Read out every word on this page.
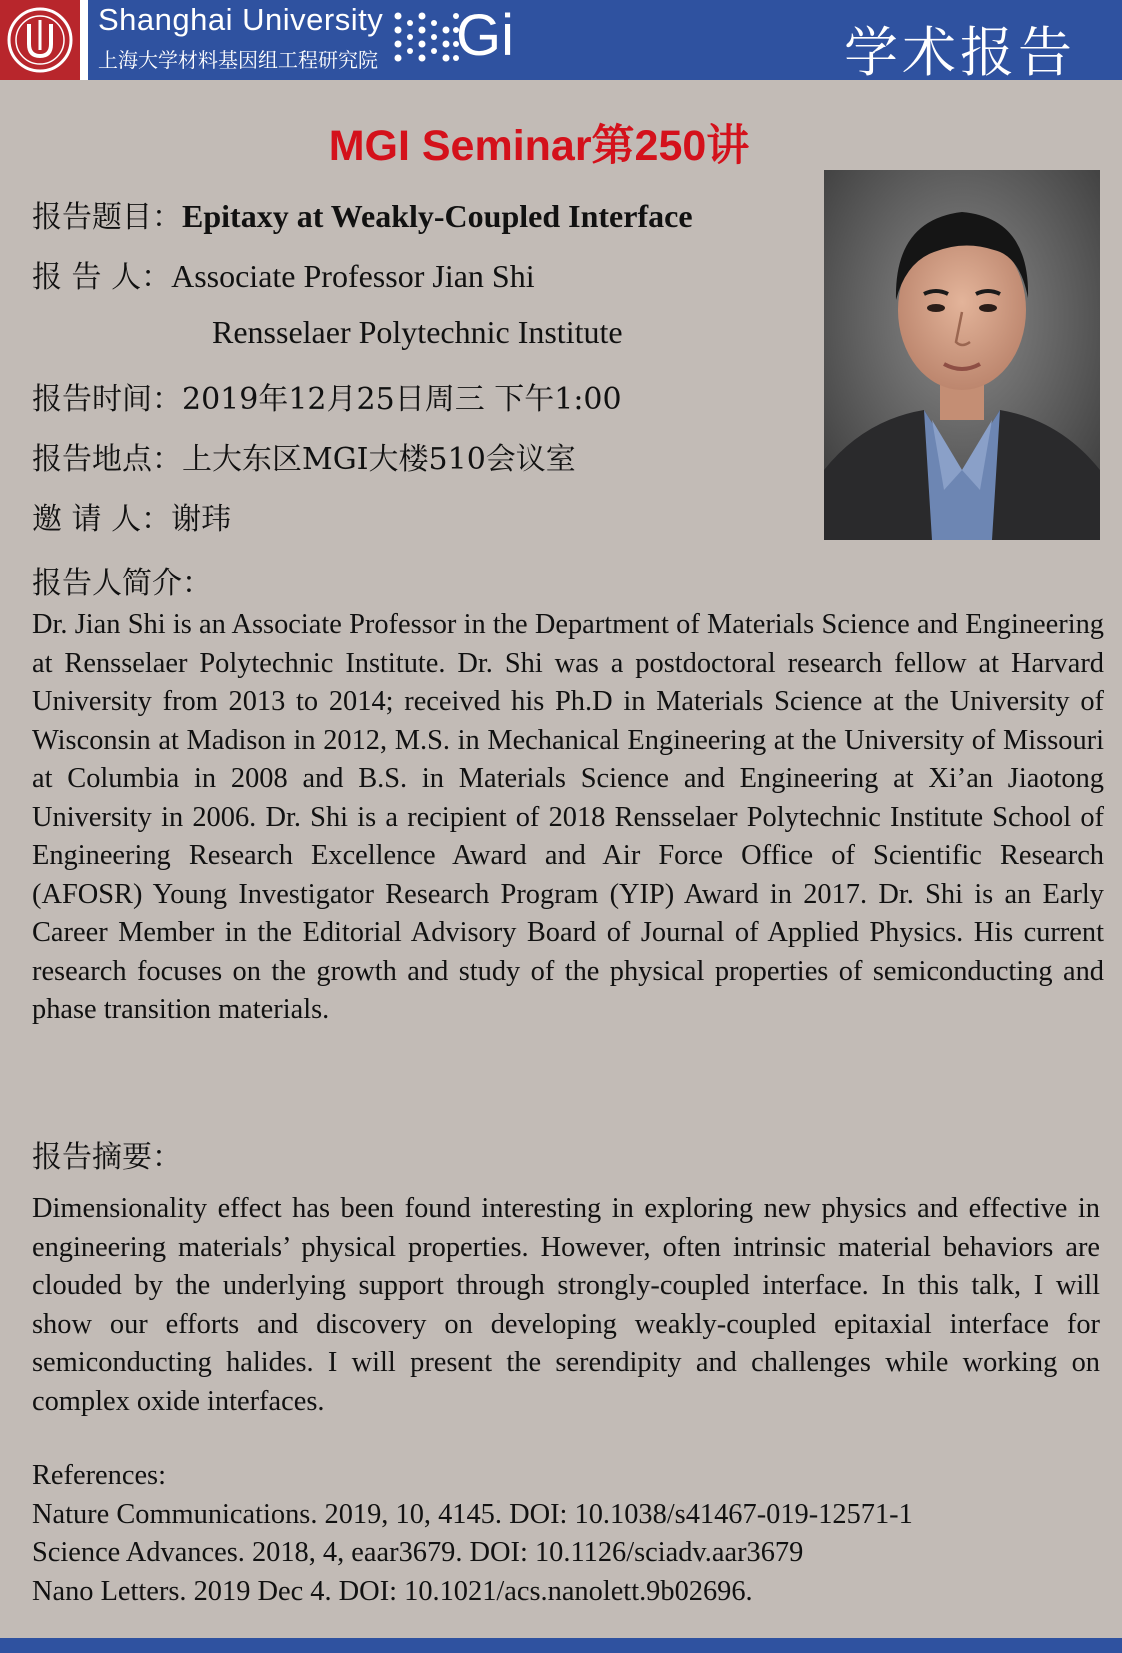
Shanghai University
上海大学材料基因组工程研究院 Gi	学术报告
MGI Seminar第250讲
报告题目：Epitaxy at Weakly-Coupled Interface
报 告 人：Associate Professor Jian Shi
Rensselaer Polytechnic Institute
报告时间：2019年12月25日周三 下午1:00
报告地点：上大东区MGI大楼510会议室
邀 请 人：谢玮
报告人简介：

Dr. Jian Shi is an Associate Professor in the Department of Materials Science and Engineering at Rensselaer Polytechnic Institute. Dr. Shi was a postdoctoral research fellow at Harvard University from 2013 to 2014; received his Ph.D in Materials Science at the University of Wisconsin at Madison in 2012, M.S. in Mechanical Engineering at the University of Missouri at Columbia in 2008 and B.S. in Materials Science and Engineering at Xi’an Jiaotong University in 2006. Dr. Shi is a recipient of 2018 Rensselaer Polytechnic Institute School of Engineering Research Excellence Award and Air Force Office of Scientific Research (AFOSR) Young Investigator Research Program (YIP) Award in 2017. Dr. Shi is an Early Career Member in the Editorial Advisory Board of Journal of Applied Physics. His current research focuses on the growth and study of the physical properties of semiconducting and phase transition materials.

报告摘要：

Dimensionality effect has been found interesting in exploring new physics and effective in engineering materials’ physical properties. However, often intrinsic material behaviors are clouded by the underlying support through strongly-coupled interface. In this talk, I will show our efforts and discovery on developing weakly-coupled epitaxial interface for semiconducting halides. I will present the serendipity and challenges while working on complex oxide interfaces.

References:
Nature Communications. 2019, 10, 4145. DOI: 10.1038/s41467-019-12571-1
Science Advances. 2018, 4, eaar3679. DOI: 10.1126/sciadv.aar3679
Nano Letters. 2019 Dec 4. DOI: 10.1021/acs.nanolett.9b02696.
